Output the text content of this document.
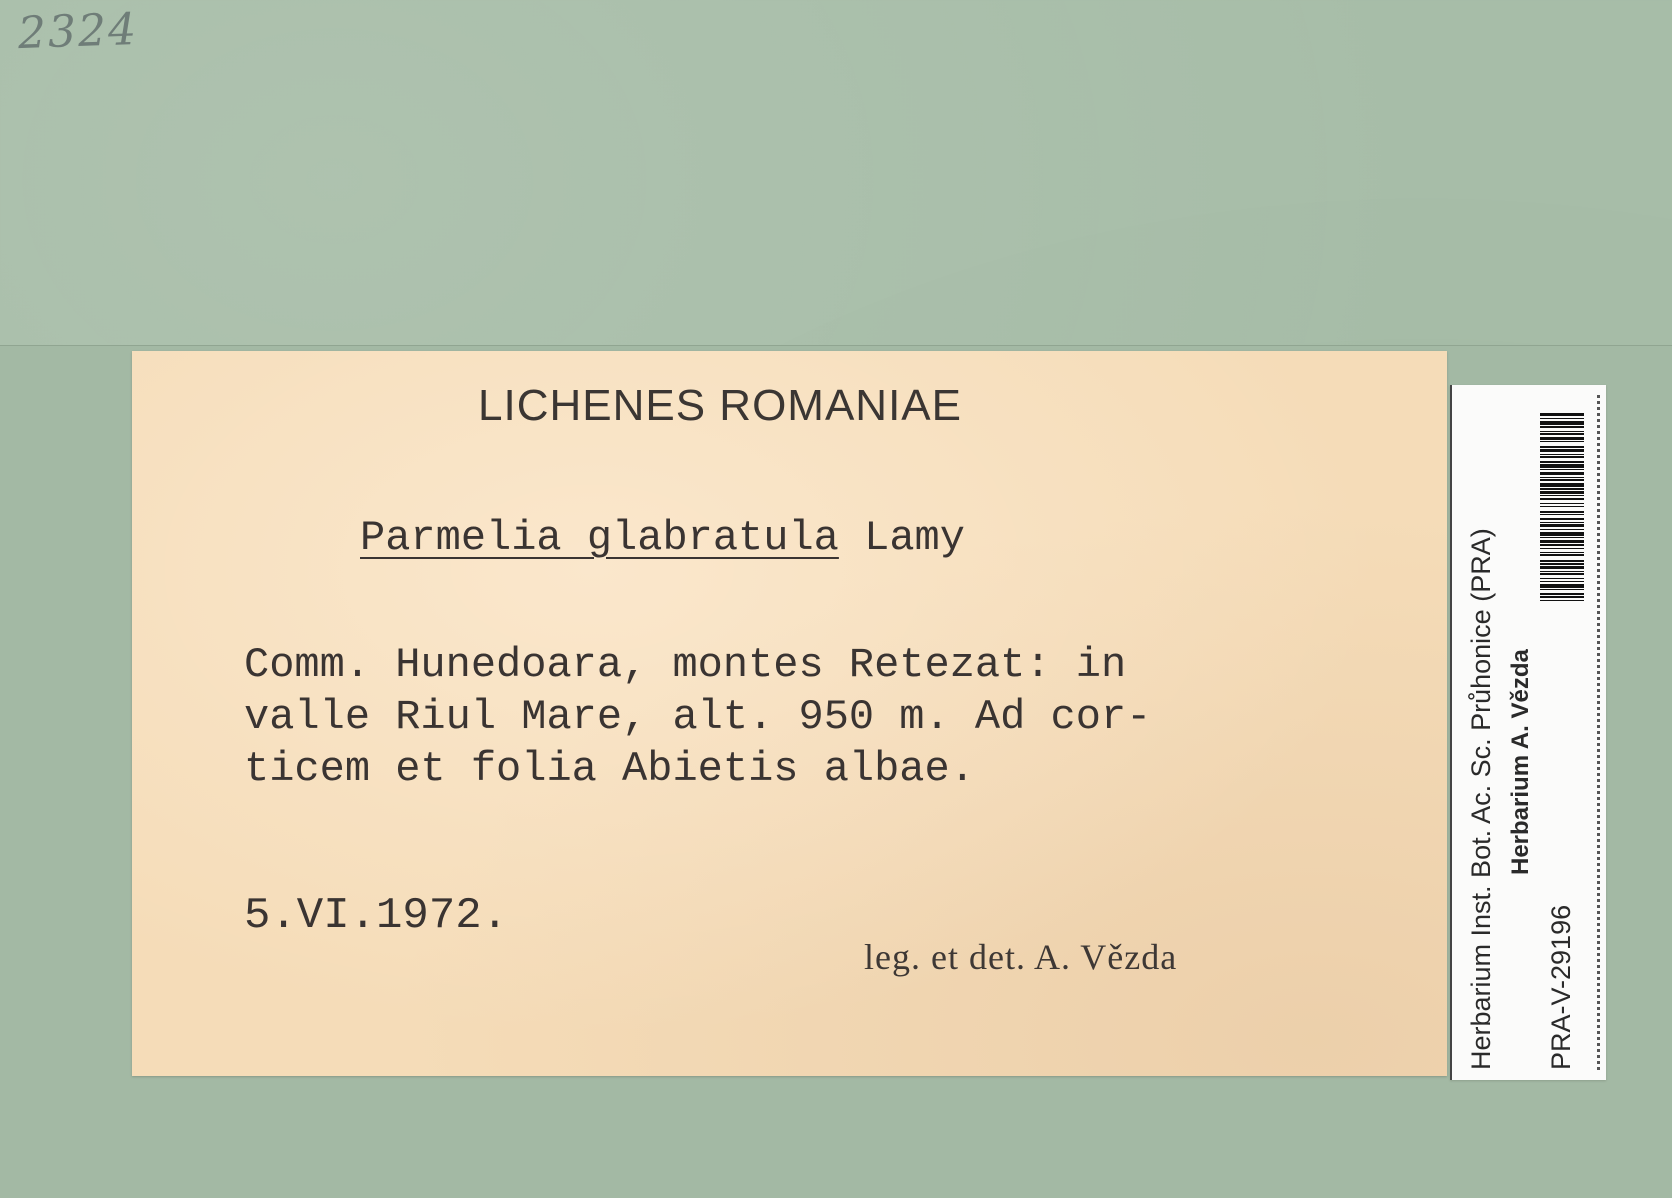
2324
LICHENES ROMANIAE
Parmelia glabratula Lamy
Comm. Hunedoara, montes Retezat: in
valle Riul Mare, alt. 950 m. Ad cor-
ticem et folia Abietis albae.
5.VI.1972.
leg. et det. A. Vězda	Herbarium Inst. Bot. Ac. Sc. Průhonice (PRA) Herbarium A. Vězda
PRA-V-29196
